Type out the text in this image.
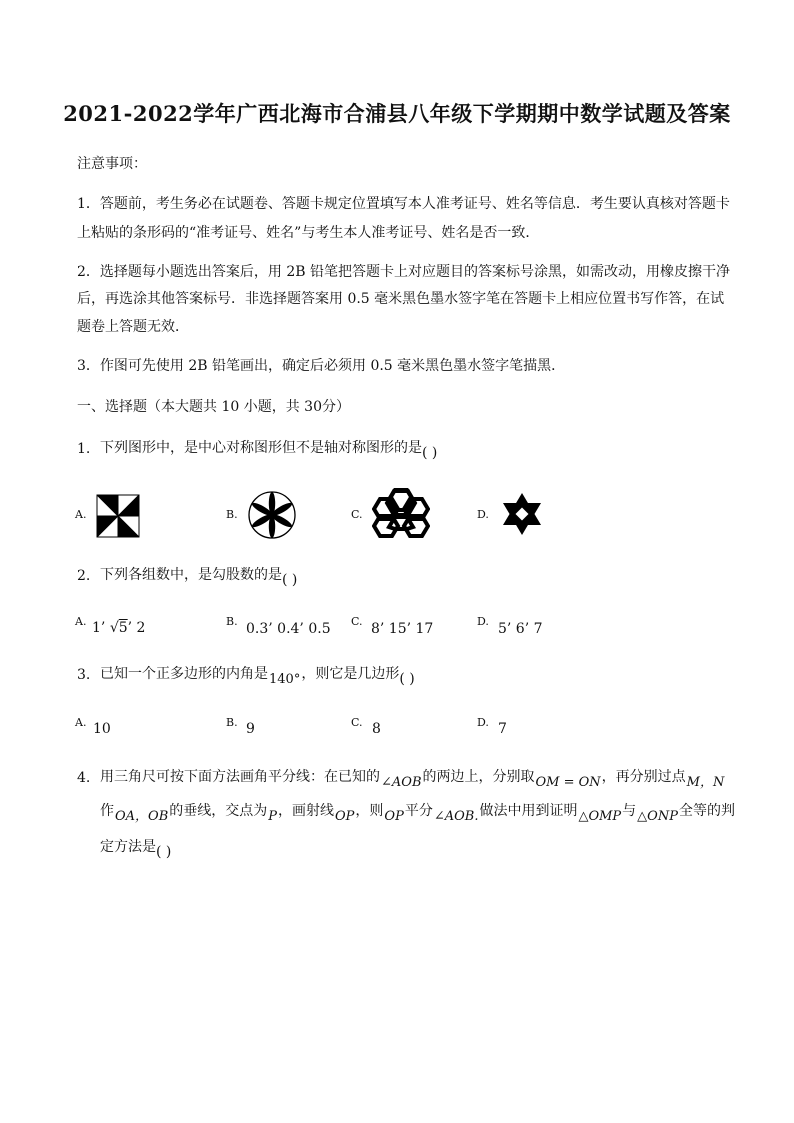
2021-2022学年广西北海市合浦县八年级下学期期中数学试题及答案
注意事项：
1．答题前，考生务必在试题卷、答题卡规定位置填写本人准考证号、姓名等信息．考生要认真核对答题卡
上粘贴的条形码的“准考证号、姓名”与考生本人准考证号、姓名是否一致．
2．选择题每小题选出答案后，用 2B 铅笔把答题卡上对应题目的答案标号涂黑，如需改动，用橡皮擦干净
后，再选涂其他答案标号．非选择题答案用 0.5 毫米黑色墨水签字笔在答题卡上相应位置书写作答，在试
题卷上答题无效．
3．作图可先使用 2B 铅笔画出，确定后必须用 0.5 毫米黑色墨水签字笔描黑．
一、选择题（本大题共 10 小题，共 30分）
1. 下列图形中，是中心对称图形但不是轴对称图形的是( )
A.	B.	C.	D.
2. 下列各组数中，是勾股数的是( )
A. 1’ √5’ 2	B. 0.3’ 0.4’ 0.5 C. 8’ 15’ 17	D. 5’ 6’ 7
3. 已知一个正多边形的内角是140°，则它是几边形( )
A. 10	B. 9	C. 8	D. 7
4. 用三角尺可按下面方法画角平分线：在已知的∠AOB的两边上，分别取OM = ON，再分别过点M，N
作OA，OB的垂线，交点为P，画射线OP，则OP平分∠AOB.做法中用到证明△OMP与△ONP全等的判
定方法是( )
